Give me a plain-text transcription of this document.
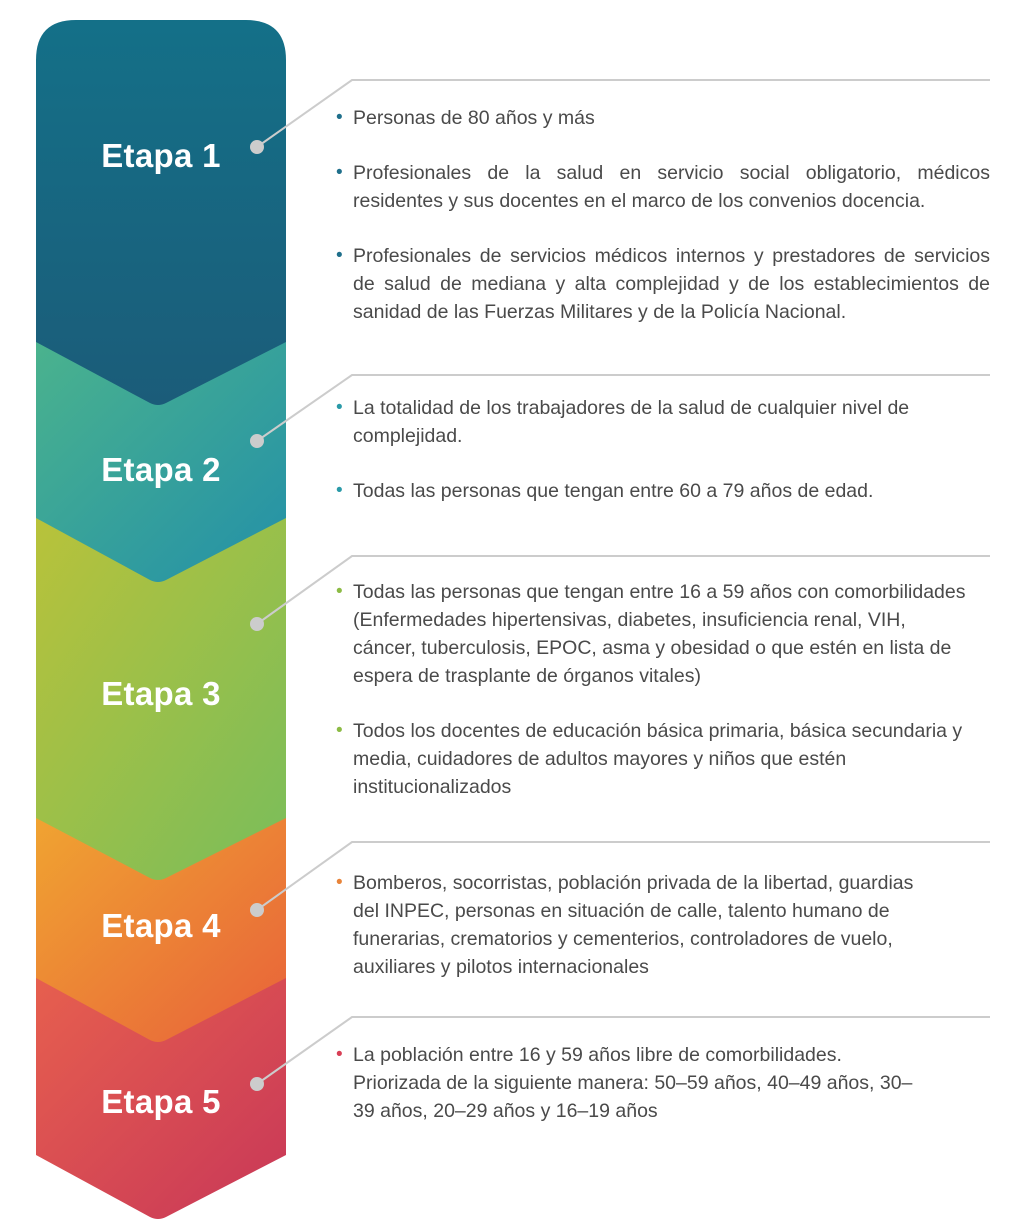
Etapa 1
Etapa 2
Etapa 3
Etapa 4
Etapa 5
• Personas de 80 años y más
• Profesionales de la salud en servicio social obligatorio, médicos residentes y sus docentes en el marco de los convenios docencia.
• Profesionales de servicios médicos internos y prestadores de servicios de salud de mediana y alta complejidad y de los establecimientos de sanidad de las Fuerzas Militares y de la Policía Nacional.
• La totalidad de los trabajadores de la salud de cualquier nivel de complejidad.
• Todas las personas que tengan entre 60 a 79 años de edad.
• Todas las personas que tengan entre 16 a 59 años con comorbilidades (Enfermedades hipertensivas, diabetes, insuficiencia renal, VIH, cáncer, tuberculosis, EPOC, asma y obesidad o que estén en lista de espera de trasplante de órganos vitales)
• Todos los docentes de educación básica primaria, básica secundaria y media, cuidadores de adultos mayores y niños que estén institucionalizados
• Bomberos, socorristas, población privada de la libertad, guardias del INPEC, personas en situación de calle, talento humano de funerarias, crematorios y cementerios, controladores de vuelo, auxiliares y pilotos internacionales
• La población entre 16 y 59 años libre de comorbilidades. Priorizada de la siguiente manera: 50–59 años, 40–49 años, 30–39 años, 20–29 años y 16–19 años
